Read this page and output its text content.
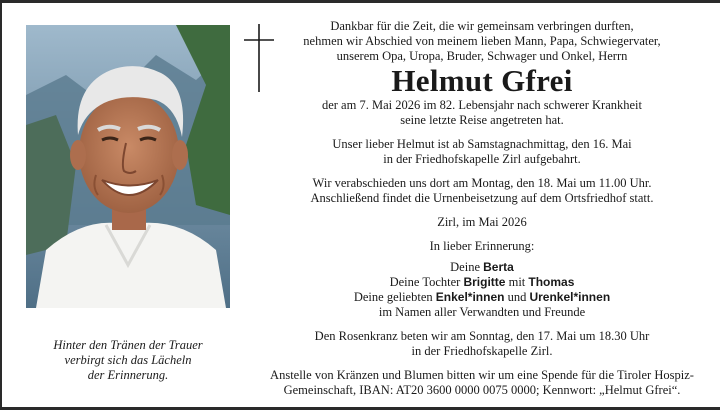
Hinter den Tränen der Trauer
verbirgt sich das Lächeln
der Erinnerung.

Dankbar für die Zeit, die wir gemeinsam verbringen durften,

nehmen wir Abschied von meinem lieben Mann, Papa, Schwiegervater,

unserem Opa, Uropa, Bruder, Schwager und Onkel, Herrn

Helmut Gfrei

der am 7. Mai 2026 im 82. Lebensjahr nach schwerer Krankheit

seine letzte Reise angetreten hat.

Unser lieber Helmut ist ab Samstagnachmittag, den 16. Mai

in der Friedhofskapelle Zirl aufgebahrt.

Wir verabschieden uns dort am Montag, den 18. Mai um 11.00 Uhr.

Anschließend findet die Urnenbeisetzung auf dem Ortsfriedhof statt.

Zirl, im Mai 2026

In lieber Erinnerung:

Deine Berta

Deine Tochter Brigitte mit Thomas

Deine geliebten Enkel*innen und Urenkel*innen

im Namen aller Verwandten und Freunde

Den Rosenkranz beten wir am Sonntag, den 17. Mai um 18.30 Uhr

in der Friedhofskapelle Zirl.

Anstelle von Kränzen und Blumen bitten wir um eine Spende für die Tiroler Hospiz-

Gemeinschaft, IBAN: AT20 3600 0000 0075 0000; Kennwort: „Helmut Gfrei“.
